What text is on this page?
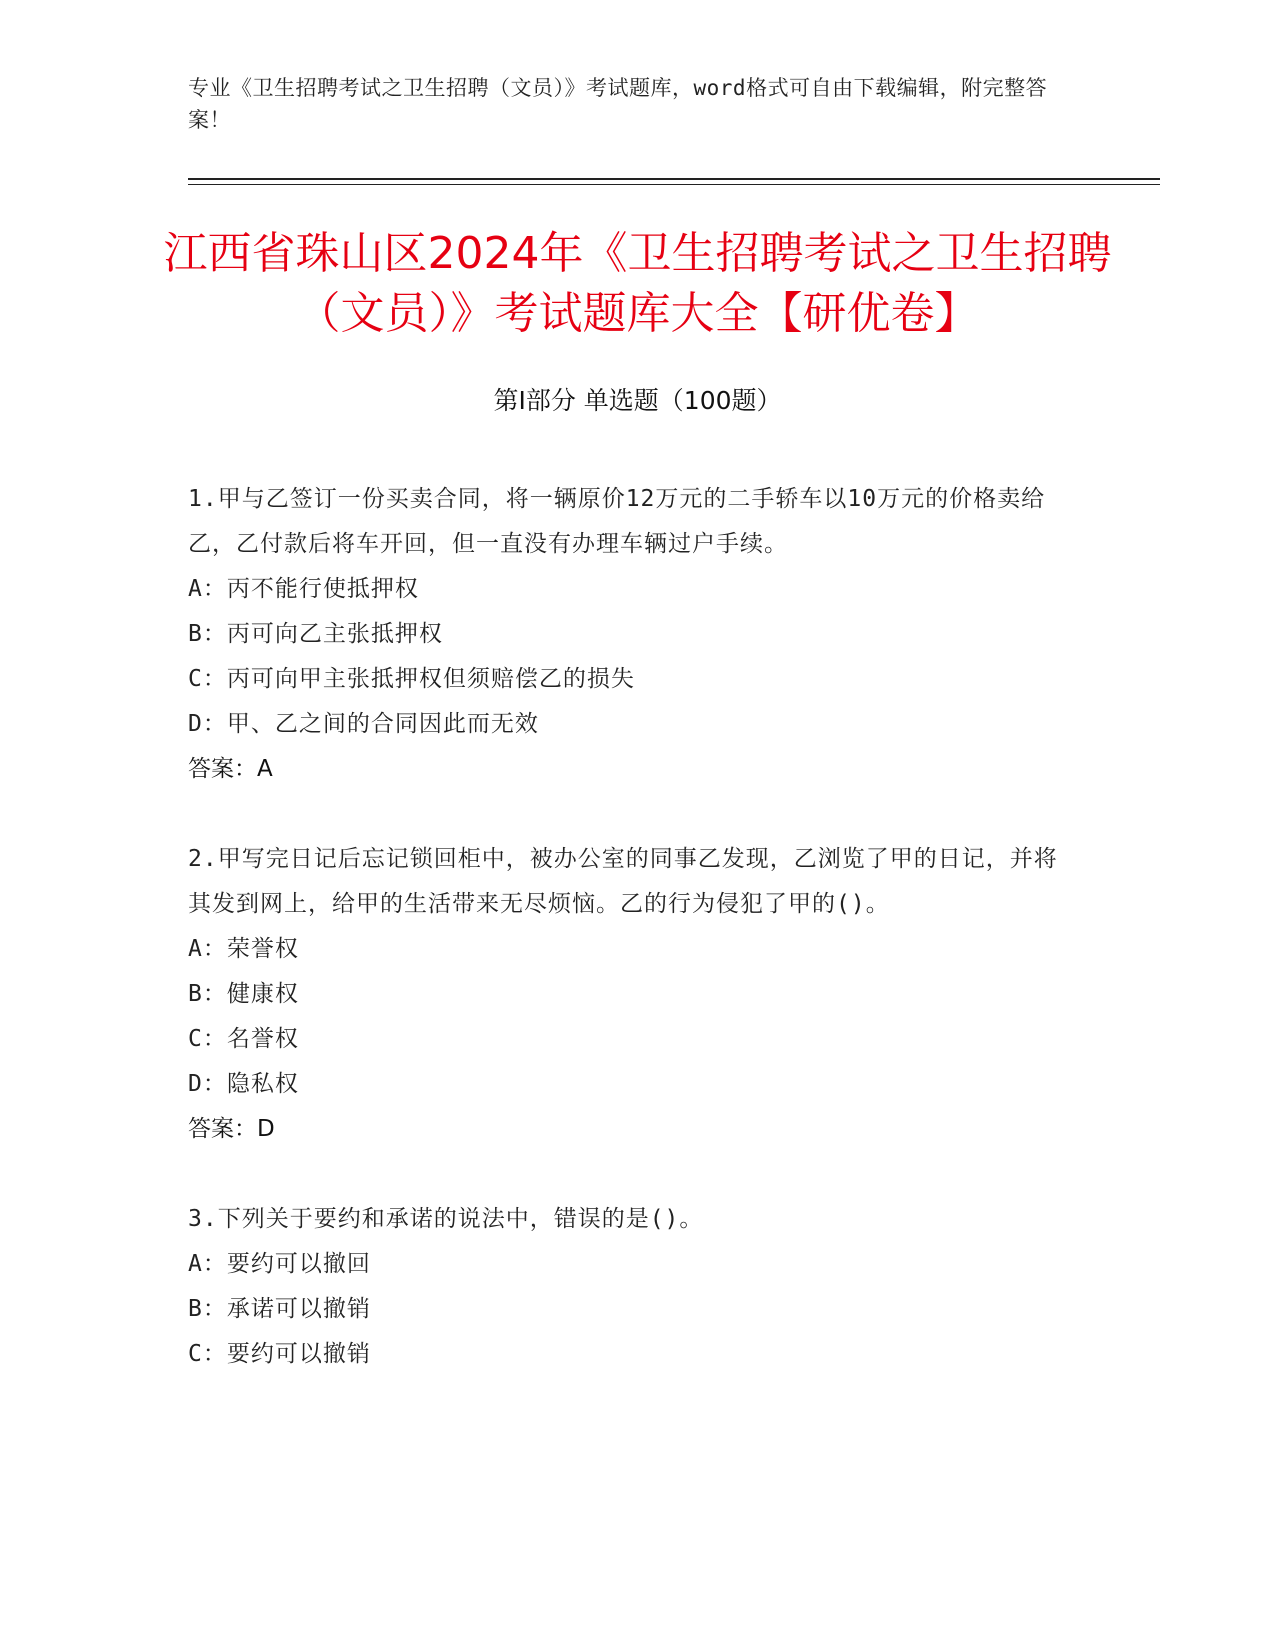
专业《卫生招聘考试之卫生招聘（文员）》考试题库，word格式可自由下载编辑，附完整答案！
江西省珠山区2024年《卫生招聘考试之卫生招聘（文员）》考试题库大全【研优卷】
第Ⅰ部分 单选题（100题）
1.甲与乙签订一份买卖合同，将一辆原价12万元的二手轿车以10万元的价格卖给乙，乙付款后将车开回，但一直没有办理车辆过户手续。
A：丙不能行使抵押权
B：丙可向乙主张抵押权
C：丙可向甲主张抵押权但须赔偿乙的损失
D：甲、乙之间的合同因此而无效
答案：A
2.甲写完日记后忘记锁回柜中，被办公室的同事乙发现，乙浏览了甲的日记，并将其发到网上，给甲的生活带来无尽烦恼。乙的行为侵犯了甲的()。
A：荣誉权
B：健康权
C：名誉权
D：隐私权
答案：D
3.下列关于要约和承诺的说法中，错误的是()。
A：要约可以撤回
B：承诺可以撤销
C：要约可以撤销
